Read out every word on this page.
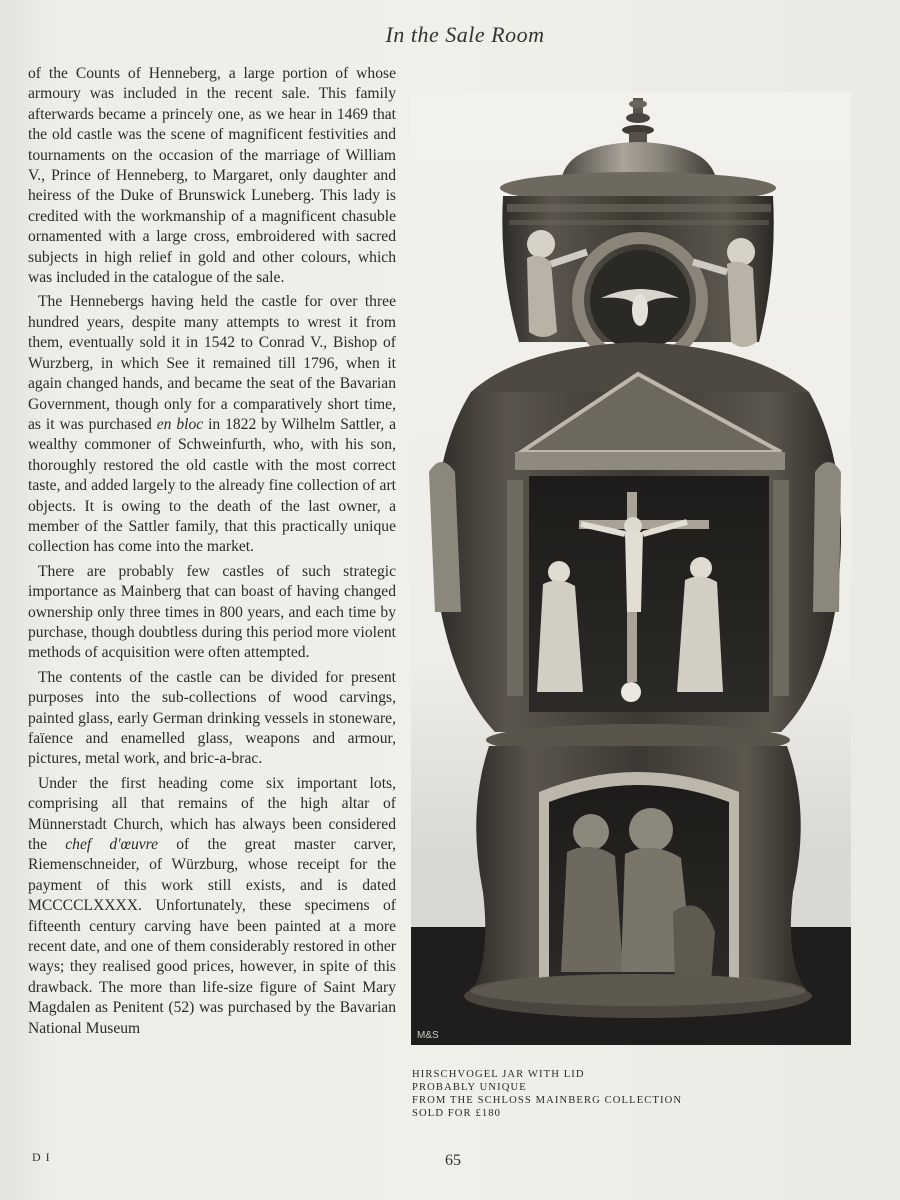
In the Sale Room

of the Counts of Henneberg, a large portion of whose armoury was included in the recent sale. This family afterwards became a princely one, as we hear in 1469 that the old castle was the scene of magnificent festivities and tournaments on the occasion of the marriage of William V., Prince of Henneberg, to Margaret, only daughter and heiress of the Duke of Brunswick Luneberg. This lady is credited with the workmanship of a magnificent chasuble ornamented with a large cross, embroidered with sacred subjects in high relief in gold and other colours, which was included in the catalogue of the sale.

The Hennebergs having held the castle for over three hundred years, despite many attempts to wrest it from them, eventually sold it in 1542 to Conrad V., Bishop of Wurzberg, in which See it remained till 1796, when it again changed hands, and became the seat of the Bavarian Government, though only for a comparatively short time, as it was purchased en bloc in 1822 by Wilhelm Sattler, a wealthy commoner of Schweinfurth, who, with his son, thoroughly restored the old castle with the most correct taste, and added largely to the already fine collection of art objects. It is owing to the death of the last owner, a member of the Sattler family, that this practically unique collection has come into the market.

There are probably few castles of such strategic importance as Mainberg that can boast of having changed ownership only three times in 800 years, and each time by purchase, though doubtless during this period more violent methods of acquisition were often attempted.

The contents of the castle can be divided for present purposes into the sub-collections of wood carvings, painted glass, early German drinking vessels in stoneware, faïence and enamelled glass, weapons and armour, pictures, metal work, and bric-a-brac.

Under the first heading come six important lots, comprising all that remains of the high altar of Münnerstadt Church, which has always been considered the chef d'œuvre of the great master carver, Riemenschneider, of Würzburg, whose receipt for the payment of this work still exists, and is dated MCCCCLXXXX. Unfortunately, these specimens of fifteenth century carving have been painted at a more recent date, and one of them considerably restored in other ways; they realised good prices, however, in spite of this drawback. The more than life-size figure of Saint Mary Magdalen as Penitent (52) was purchased by the Bavarian National Museum	M&S
HIRSCHVOGEL JAR WITH LID
PROBABLY UNIQUE
FROM THE SCHLOSS MAINBERG COLLECTION
SOLD FOR £180
D I	65
